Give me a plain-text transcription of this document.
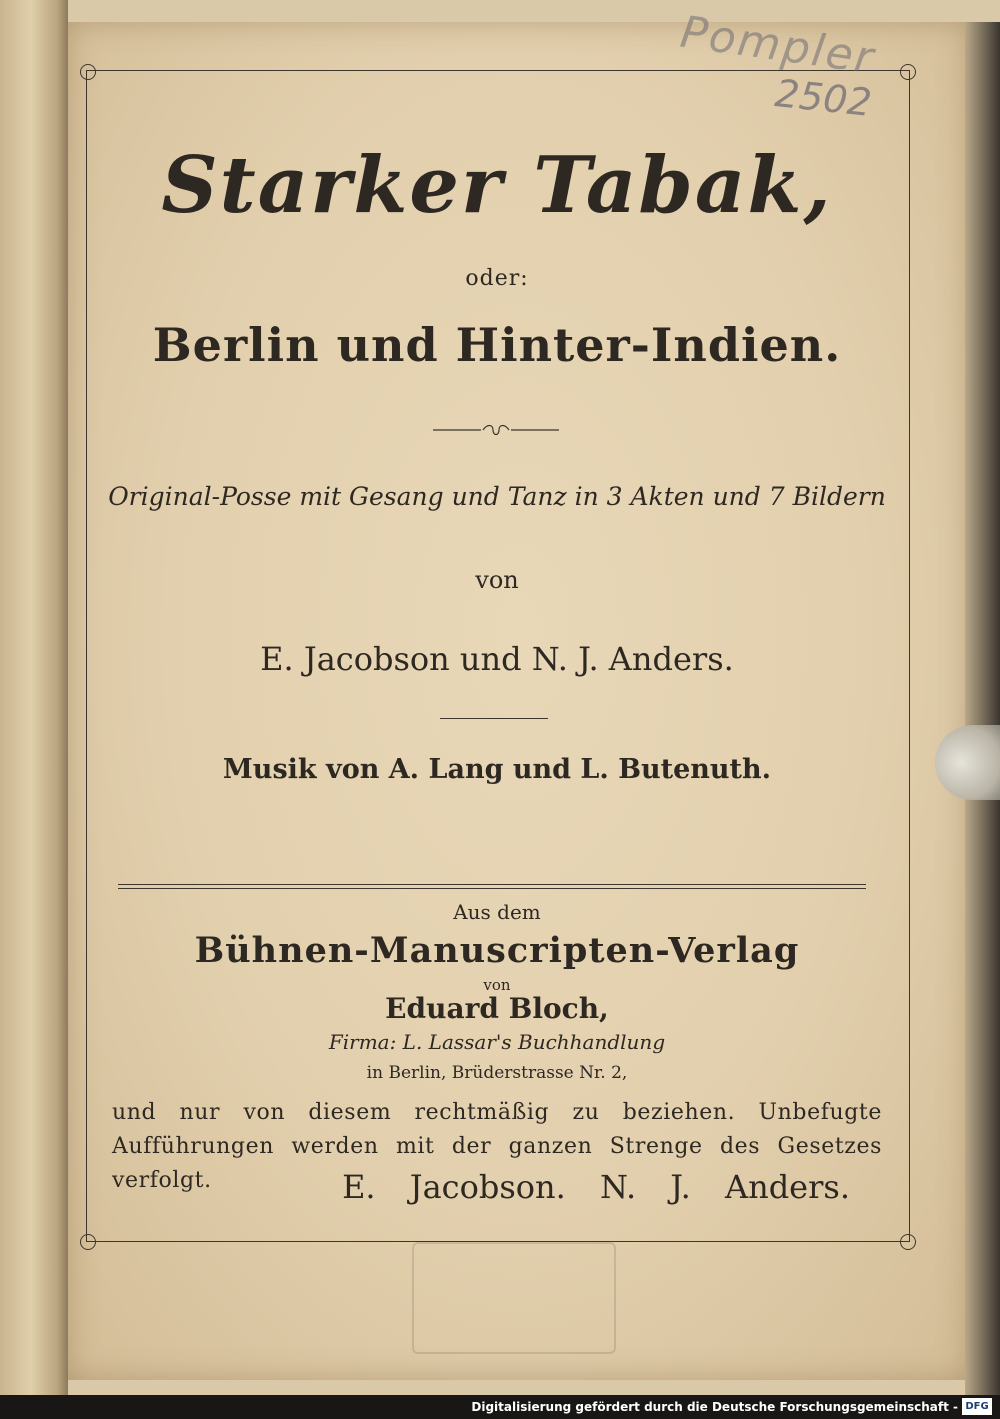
Pompler
2502
Starker Tabak,
oder:
Berlin und Hinter-Indien.
Original-Posse mit Gesang und Tanz in 3 Akten und 7 Bildern
von
E. Jacobson und N. J. Anders.
Musik von A. Lang und L. Butenuth.
Aus dem
Bühnen-Manuscripten-Verlag
von
Eduard Bloch,
Firma: L. Lassar's Buchhandlung
in Berlin, Brüderstrasse Nr. 2,
und nur von diesem rechtmäßig zu beziehen. Unbefugte Aufführungen werden mit der ganzen Strenge des Gesetzes verfolgt.	E. Jacobson. N. J. Anders.
Digitalisierung gefördert durch die Deutsche Forschungsgemeinschaft - DFG
